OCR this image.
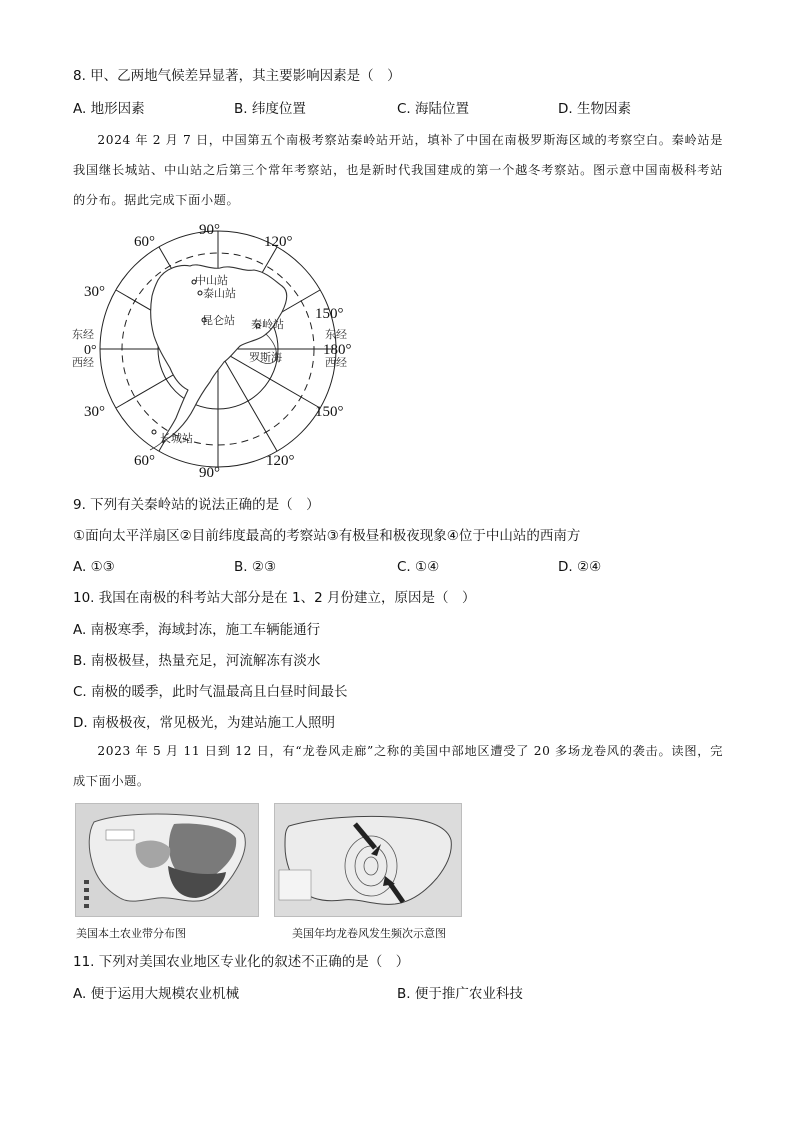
8. 甲、乙两地气候差异显著，其主要影响因素是（　）
A. 地形因素	B. 纬度位置	C. 海陆位置	D. 生物因素

2024 年 2 月 7 日，中国第五个南极考察站秦岭站开站，填补了中国在南极罗斯海区域的考察空白。秦岭站是我国继长城站、中山站之后第三个常年考察站，也是新时代我国建成的第一个越冬考察站。图示意中国南极科考站的分布。据此完成下面小题。

中山站
泰山站
昆仑站 秦岭站
罗斯海
长城站
60°
90°
120°
30°
150°
0°	180°
30°	150°
60°
90°
120°
东经
西经
东经
西经
9. 下列有关秦岭站的说法正确的是（　）
①面向太平洋扇区②目前纬度最高的考察站③有极昼和极夜现象④位于中山站的西南方
A. ①③	B. ②③	C. ①④	D. ②④
10. 我国在南极的科考站大部分是在 1、2 月份建立，原因是（　）
A. 南极寒季，海域封冻，施工车辆能通行
B. 南极极昼，热量充足，河流解冻有淡水
C. 南极的暖季，此时气温最高且白昼时间最长
D. 南极极夜，常见极光，为建站施工人照明

2023 年 5 月 11 日到 12 日，有“龙卷风走廊”之称的美国中部地区遭受了 20 多场龙卷风的袭击。读图，完成下面小题。

美国本土农业带分布图	美国年均龙卷风发生频次示意图
11. 下列对美国农业地区专业化的叙述不正确的是（　）
A. 便于运用大规模农业机械	B. 便于推广农业科技
